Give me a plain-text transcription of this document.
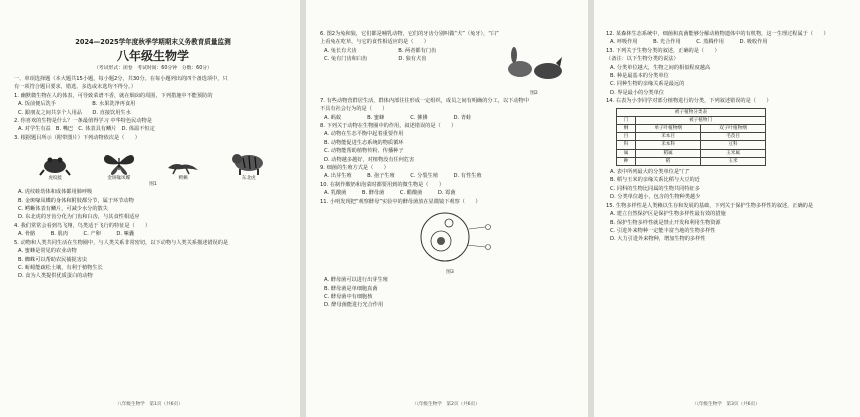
2024—2025学年度秋季学期期末义务教育质量监测
八年级生物学
（考试形式：闭卷　考试时间：60分钟　分数：60分）
一、单项选择题（本大题共15小题，每小题2分，共30分。在每小题列出的四个备选项中，只
有一项符合题目要求，错选、多选或未选均不得分。）
1. 幽默微生物在人的体表，可导致菜谱不香，就在烟囱的周围，下列措施中不能预防的
A. 饭前便后洗手　　　　　　　B. 水果洗净再食用
C. 跟朋友之间共享个人用品　　D. 直接饮用生水
2. 你喜欢的生物是什么？一条最值得学习 中华特色民动物是
A. 对学生有益　B. 嘴巴　C. 体表具有鳞片　D. 体温不恒定
3. 根据题目所示（附带图片）下列动物依次是（　　）
虎纹蛙	金斑喙凤蝶	鳄蜥	东北虎
图1
A. 虎纹蛙幼体和成体都用肺呼吸
B. 金斑喙凤蝶的身体和附肢都分节，属于环节动物
C. 鳄蜥体表有鳞片，可减少水分的散失
D. 东北虎的牙齿分化为门齿和臼齿，与其食性相适应
4. 我们常常会看到鸟飞翔，鸟类适于飞行的特征是（　　）
A. 骨骼　　　B. 肌肉　　　C. 产卵　　　D. 嗉囊
5. 动物和人类共同生活在生物圈中，与人类关系非常密切，以下动物与人类关系描述错误的是
A. 蜜蜂是常见的农业动物
B. 蜘蛛可以帮助农民捕捉害虫
C. 蚯蚓能疏松土壤，有利于植物生长
D. 食为人类提供优质蛋白的动物
八年级生物学　第1页（共6页）
6. 图2为兔和狼，它们都是哺乳动物，它们的牙齿分别叫做“犬”（兔牙），“臼”
上看兔在吃草，与它的食性相适应的是（　　）
A. 兔长有犬齿　　　　　　　　B. 两者都有门齿
C. 兔有门齿和臼齿　　　　　　D. 狼有犬齿
图2
7. 有些动物营群居生活，群体内部往往形成一定组织，成员之间有明确的分工，以下动物中
不具有社会行为的是（　　）
A. 蚂蚁　　　　　B. 蜜蜂　　　　　C. 狒狒　　　　　D. 青蛙
8. 下列关于动物在生物圈中的作用，叙述错误的是（　　）
A. 动物在生态平衡中起着重要作用
B. 动物能促进生态系统的物质循环
C. 动物能帮助植物传粉、传播种子
D. 动物越多越好，对植物没有任何危害
9. 细菌的生殖方式是（　　）
A. 出芽生殖　　　B. 孢子生殖　　　C. 分裂生殖　　　D. 有性生殖
10. 在制作酸奶和泡菜时都要用到的微生物是（　　）
A. 乳酸菌　　　B. 酵母菌　　　C. 醋酸菌　　　D. 霉菌
11. 小明发现把“观察酵母”实验中的酵母菌放在显微镜下观察（　　）
图3
A. 酵母菌可以进行出芽生殖
B. 酵母菌是单细胞真菌
C. 酵母菌中有细胞核
D. 酵母菌能进行光合作用
八年级生物学　第2页（共6页）
12. 某森林生态系统中，细菌和真菌能够分解动植物遗体中的有机物，这一生理过程属于（　　）
A. 呼吸作用　　　B. 光合作用　　　C. 蒸腾作用　　　D. 吸收作用
13. 下列关于生物分类的叙述，正确的是（　　）
（备注：以下生物分类的说法）
A. 分类单位越大，生物之间的相似程度越高
B. 种是最基本的分类单位
C. 同种生物的亲缘关系是最远的
D. 界是最小的分类单位
14. 右表为小李同学对部分植物进行的分类，下列叙述错误的是（　　）
被子植物分类表		
门	被子植物门	
纲	单子叶植物纲	双子叶植物纲
目	禾本目	毛茛目
科	禾本科	豆科
属	稻属	玉米属
种	稻	玉米
A. 表中所列最大的分类单位是“门”
B. 稻与玉米的亲缘关系比稻与大豆的近
C. 同科的生物比同属的生物共同特征多
D. 分类单位越小，包含的生物种类越少
15. 生物多样性是人类赖以生存和发展的基础，下列关于保护生物多样性的叙述，正确的是
A. 建立自然保护区是保护生物多样性最有效的措施
B. 保护生物多样性就是禁止开发和利用生物资源
C. 引进外来物种一定能丰富当地的生物多样性
D. 大力引进外来物种，增加生物的多样性
八年级生物学　第3页（共6页）
